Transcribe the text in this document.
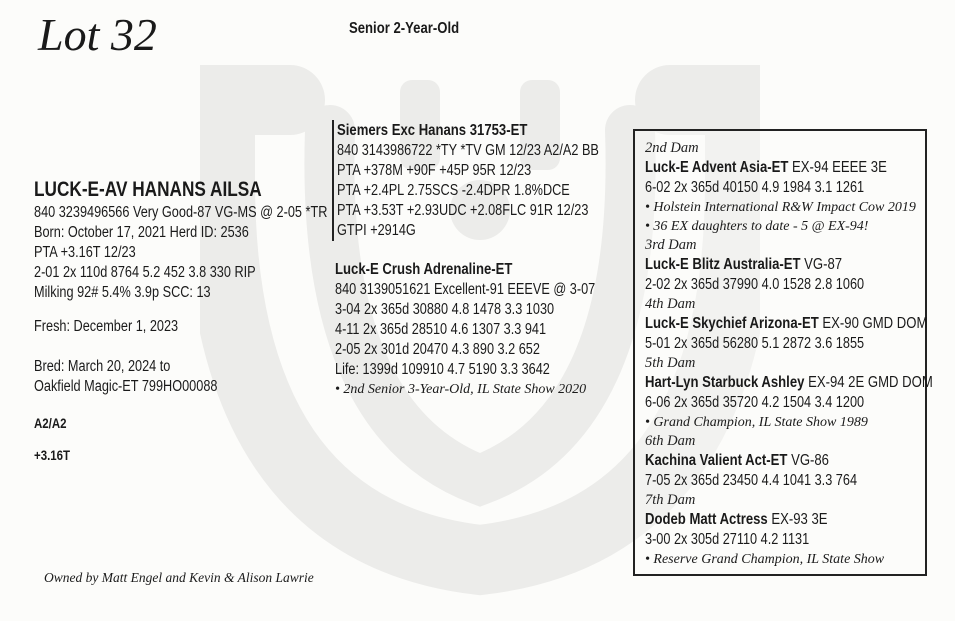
Lot 32	Senior 2-Year-Old
LUCK-E-AV HANANS AILSA
840 3239496566 Very Good-87 VG-MS @ 2-05 *TR
Born: October 17, 2021 Herd ID: 2536
PTA +3.16T 12/23
2-01 2x 110d 8764 5.2 452 3.8 330 RIP
Milking 92# 5.4% 3.9p SCC: 13
Fresh: December 1, 2023
Bred: March 20, 2024 to
Oakfield Magic-ET 799HO00088
A2/A2
+3.16T
Siemers Exc Hanans 31753-ET
840 3143986722 *TY *TV GM 12/23 A2/A2 BB
PTA +378M +90F +45P 95R 12/23
PTA +2.4PL 2.75SCS -2.4DPR 1.8%DCE
PTA +3.53T +2.93UDC +2.08FLC 91R 12/23
GTPI +2914G
Luck-E Crush Adrenaline-ET
840 3139051621 Excellent-91 EEEVE @ 3-07
3-04 2x 365d 30880 4.8 1478 3.3 1030
4-11 2x 365d 28510 4.6 1307 3.3 941
2-05 2x 301d 20470 4.3 890 3.2 652
Life: 1399d 109910 4.7 5190 3.3 3642
• 2nd Senior 3-Year-Old, IL State Show 2020
2nd Dam
Luck-E Advent Asia-ET EX-94 EEEE 3E
6-02 2x 365d 40150 4.9 1984 3.1 1261
• Holstein International R&W Impact Cow 2019
• 36 EX daughters to date - 5 @ EX-94!
3rd Dam
Luck-E Blitz Australia-ET VG-87
2-02 2x 365d 37990 4.0 1528 2.8 1060
4th Dam
Luck-E Skychief Arizona-ET EX-90 GMD DOM
5-01 2x 365d 56280 5.1 2872 3.6 1855
5th Dam
Hart-Lyn Starbuck Ashley EX-94 2E GMD DOM
6-06 2x 365d 35720 4.2 1504 3.4 1200
• Grand Champion, IL State Show 1989
6th Dam
Kachina Valient Act-ET VG-86
7-05 2x 365d 23450 4.4 1041 3.3 764
7th Dam
Dodeb Matt Actress EX-93 3E
3-00 2x 305d 27110 4.2 1131
• Reserve Grand Champion, IL State Show
Owned by Matt Engel and Kevin & Alison Lawrie
